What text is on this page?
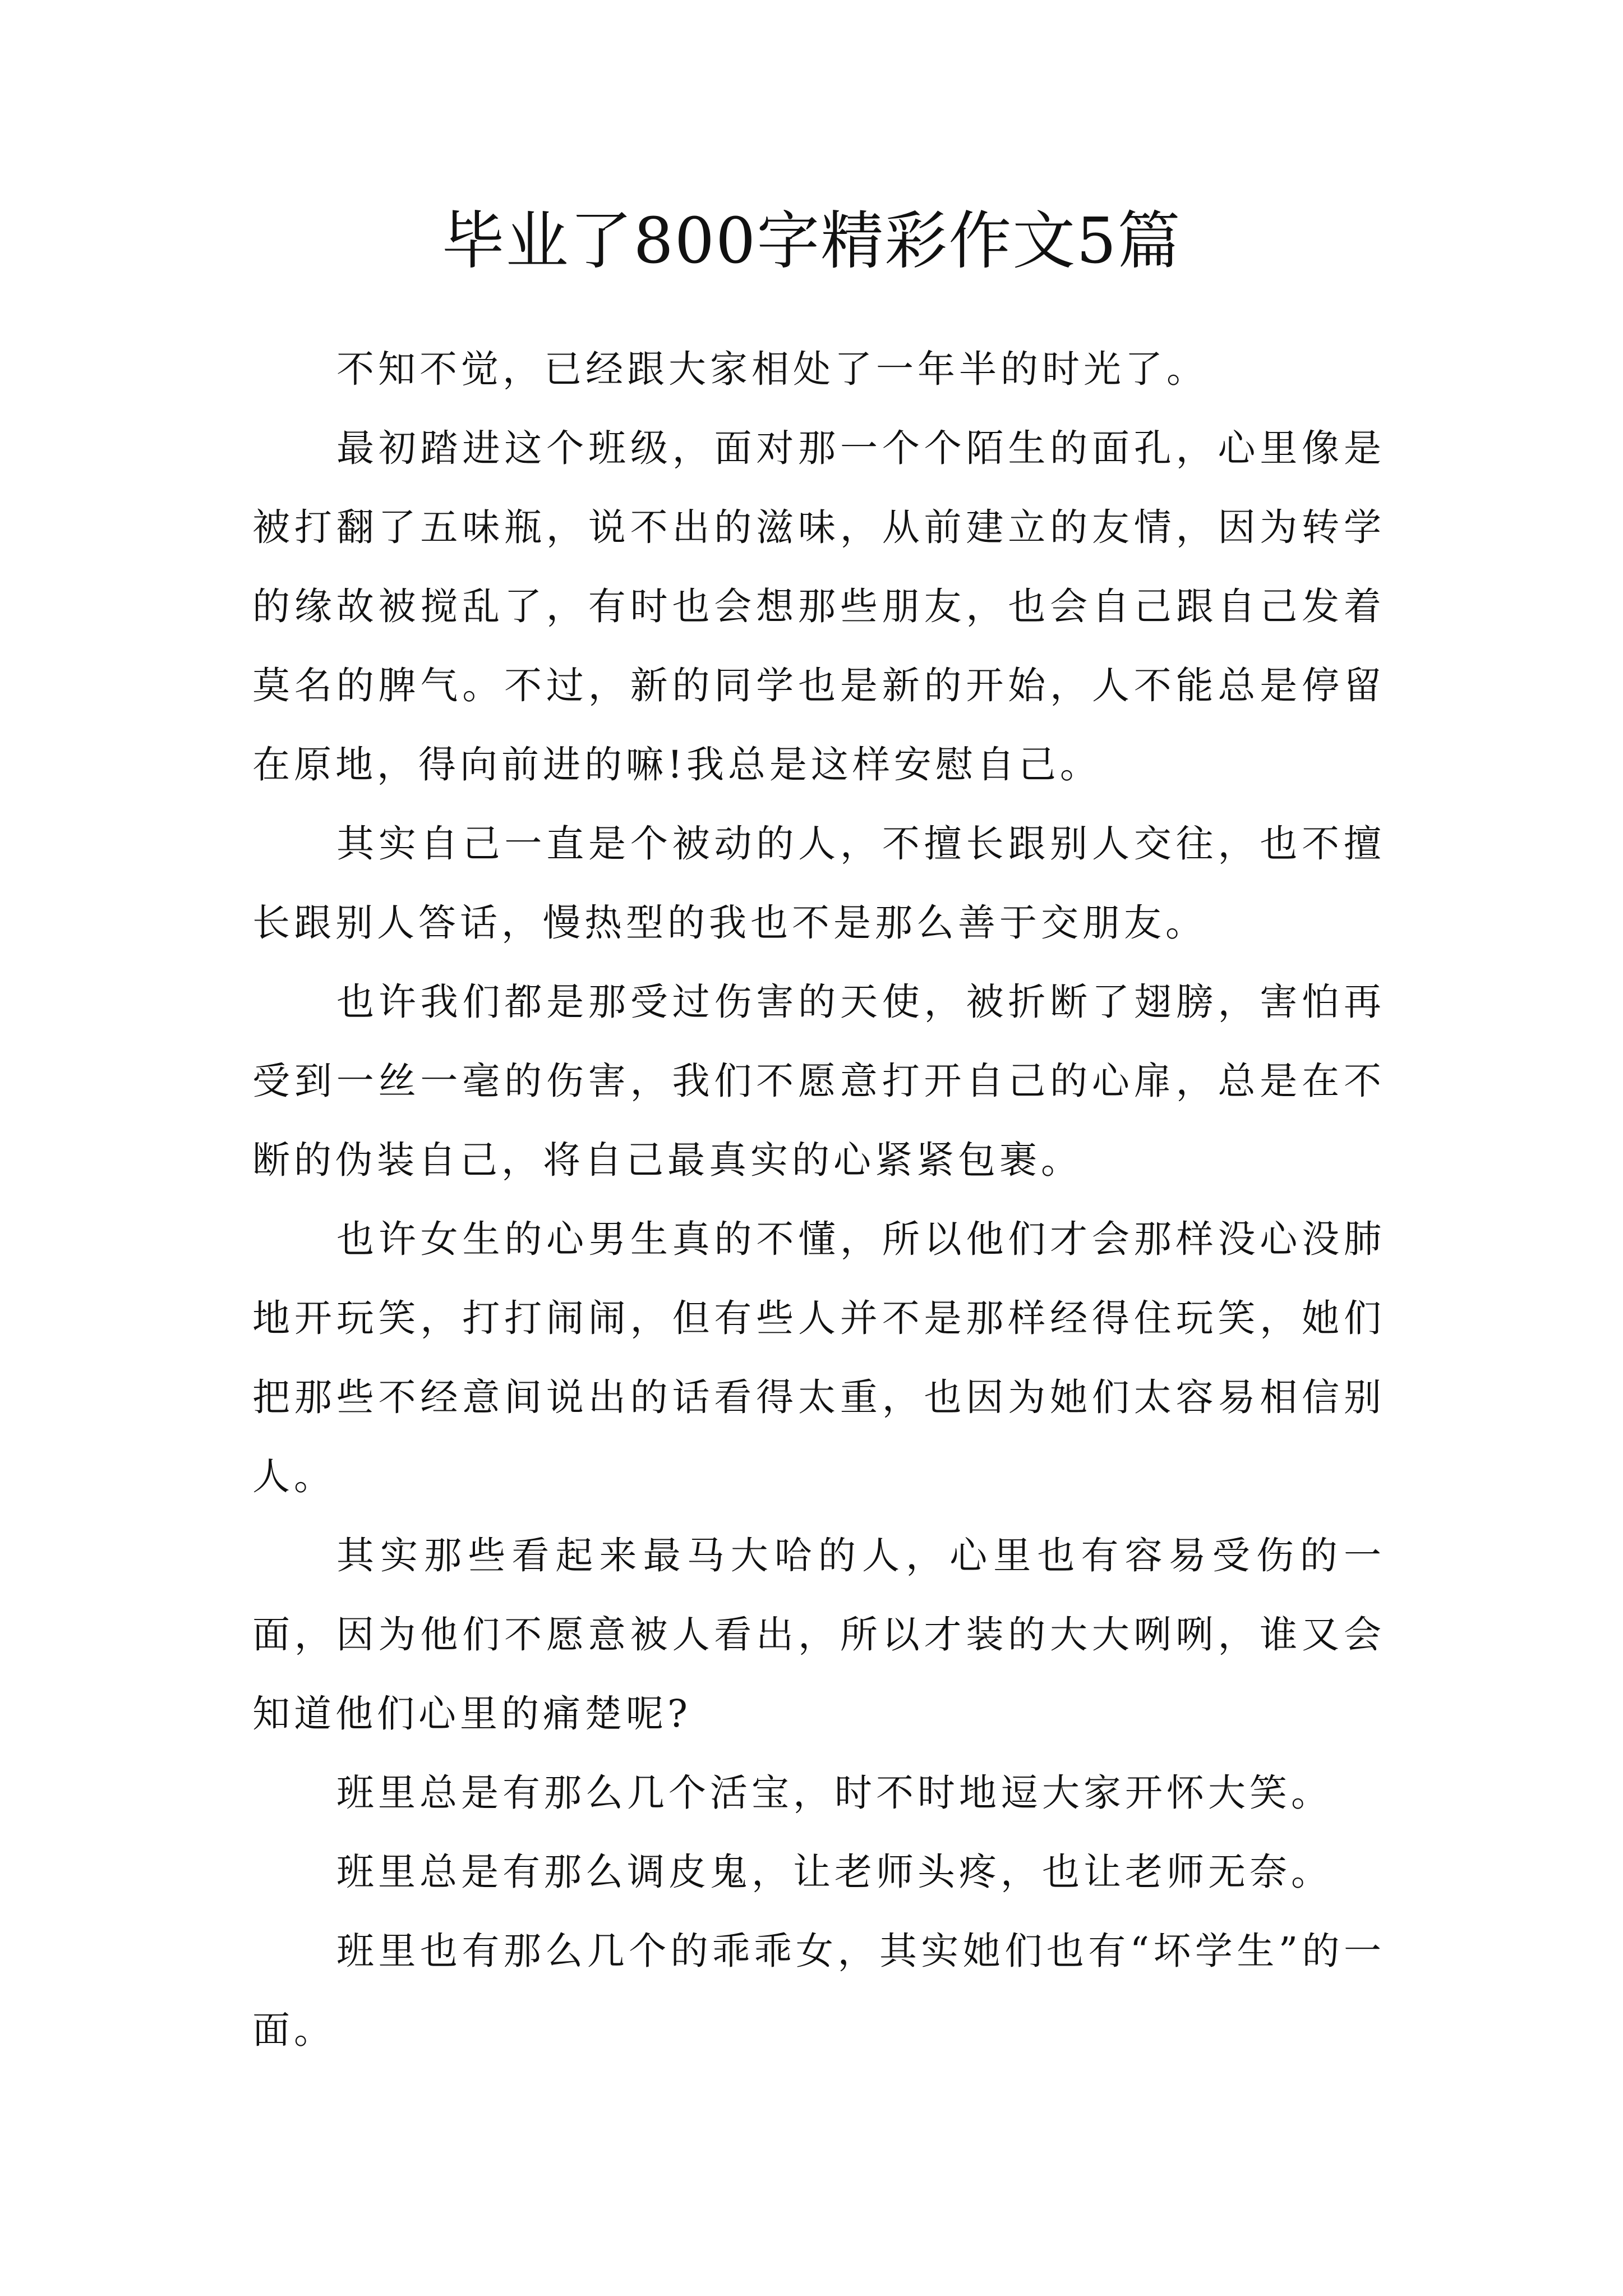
毕业了800字精彩作文5篇

不知不觉，已经跟大家相处了一年半的时光了。

最初踏进这个班级，面对那一个个陌生的面孔，心里像是被打翻了五味瓶，说不出的滋味，从前建立的友情，因为转学的缘故被搅乱了，有时也会想那些朋友，也会自己跟自己发着莫名的脾气。不过，新的同学也是新的开始，人不能总是停留在原地，得向前进的嘛!我总是这样安慰自己。

其实自己一直是个被动的人，不擅长跟别人交往，也不擅长跟别人答话，慢热型的我也不是那么善于交朋友。

也许我们都是那受过伤害的天使，被折断了翅膀，害怕再受到一丝一毫的伤害，我们不愿意打开自己的心扉，总是在不断的伪装自己，将自己最真实的心紧紧包裹。

也许女生的心男生真的不懂，所以他们才会那样没心没肺地开玩笑，打打闹闹，但有些人并不是那样经得住玩笑，她们把那些不经意间说出的话看得太重，也因为她们太容易相信别人。

其实那些看起来最马大哈的人，心里也有容易受伤的一面，因为他们不愿意被人看出，所以才装的大大咧咧，谁又会知道他们心里的痛楚呢?

班里总是有那么几个活宝，时不时地逗大家开怀大笑。

班里总是有那么调皮鬼，让老师头疼，也让老师无奈。

班里也有那么几个的乖乖女，其实她们也有“坏学生”的一面。
